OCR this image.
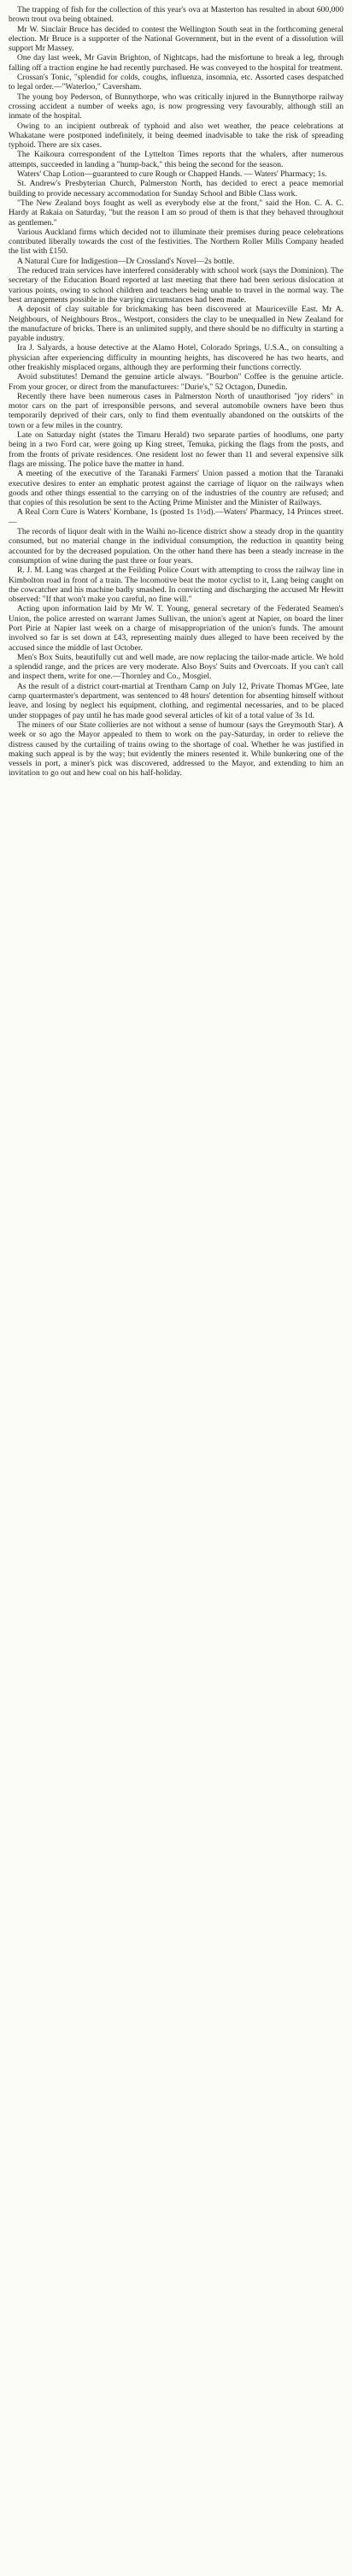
The trapping of fish for the collection of this year's ova at Masterton has resulted in about 600,000 brown trout ova being obtained.

Mr W. Sinclair Bruce has decided to contest the Wellington South seat in the forthcoming general election. Mr Bruce is a supporter of the National Government, but in the event of a dissolution will support Mr Massey.

One day last week, Mr Gavin Brighton, of Nightcaps, had the misfortune to break a leg, through falling off a traction engine he had recently purchased. He was conveyed to the hospital for treatment.

Crossan's Tonic, "splendid for colds, coughs, influenza, insomnia, etc. Assorted cases despatched to legal order.—"Waterloo," Caversham.

The young boy Pederson, of Bunnythorpe, who was critically injured in the Bunnythorpe railway crossing accident a number of weeks ago, is now progressing very favourably, although still an inmate of the hospital.

Owing to an incipient outbreak of typhoid and also wet weather, the peace celebrations at Whakatane were postponed indefinitely, it being deemed inadvisable to take the risk of spreading typhoid. There are six cases.

The Kaikoura correspondent of the Lyttelton Times reports that the whalers, after numerous attempts, succeeded in landing a "hump-back," this being the second for the season.

Waters' Chap Lotion—guaranteed to cure Rough or Chapped Hands. — Waters' Pharmacy; 1s.

St. Andrew's Presbyterian Church, Palmerston North, has decided to erect a peace memorial building to provide necessary accommodation for Sunday School and Bible Class work.

"The New Zealand boys fought as well as everybody else at the front," said the Hon. C. A. C. Hardy at Rakaia on Saturday, "but the reason I am so proud of them is that they behaved throughout as gentlemen."

Various Auckland firms which decided not to illuminate their premises during peace celebrations contributed liberally towards the cost of the festivities. The Northern Roller Mills Company headed the list with £150.

A Natural Cure for Indigestion—Dr Crossland's Novel—2s bottle.

The reduced train services have interfered considerably with school work (says the Dominion). The secretary of the Education Board reported at last meeting that there had been serious dislocation at various points, owing to school children and teachers being unable to travel in the normal way. The best arrangements possible in the varying circumstances had been made.

A deposit of clay suitable for brickmaking has been discovered at Mauriceville East. Mr A. Neighbours, of Neighbours Bros., Westport, considers the clay to be unequalled in New Zealand for the manufacture of bricks. There is an unlimited supply, and there should be no difficulty in starting a payable industry.

Ira J. Salyards, a house detective at the Alamo Hotel, Colorado Springs, U.S.A., on consulting a physician after experiencing difficulty in mounting heights, has discovered he has two hearts, and other freakishly misplaced organs, although they are performing their functions correctly.

Avoid substitutes! Demand the genuine article always. "Bourbon" Coffee is the genuine article. From your grocer, or direct from the manufacturers: "Durie's," 52 Octagon, Dunedin.

Recently there have been numerous cases in Palmerston North of unauthorised "joy riders" in motor cars on the part of irresponsible persons, and several automobile owners have been thus temporarily deprived of their cars, only to find them eventually abandoned on the outskirts of the town or a few miles in the country.

Late on Saturday night (states the Timaru Herald) two separate parties of hoodlums, one party being in a two Ford car, were going up King street, Temuka, picking the flags from the posts, and from the fronts of private residences. One resident lost no fewer than 11 and several expensive silk flags are missing. The police have the matter in hand.

A meeting of the executive of the Taranaki Farmers' Union passed a motion that the Taranaki executive desires to enter an emphatic protest against the carriage of liquor on the railways when goods and other things essential to the carrying on of the industries of the country are refused; and that copies of this resolution be sent to the Acting Prime Minister and the Minister of Railways.

A Real Corn Cure is Waters' Kornbane, 1s (posted 1s 1½d).—Waters' Pharmacy, 14 Princes street.—

The records of liquor dealt with in the Waihi no-licence district show a steady drop in the quantity consumed, but no material change in the individual consumption, the reduction in quantity being accounted for by the decreased population. On the other hand there has been a steady increase in the consumption of wine during the past three or four years.

R. J. M. Lang was charged at the Feilding Police Court with attempting to cross the railway line in Kimbolton road in front of a train. The locomotive beat the motor cyclist to it, Lang being caught on the cowcatcher and his machine badly smashed. In convicting and discharging the accused Mr Hewitt observed: "If that won't make you careful, no fine will."

Acting upon information laid by Mr W. T. Young, general secretary of the Federated Seamen's Union, the police arrested on warrant James Sullivan, the union's agent at Napier, on board the liner Port Pirie at Napier last week on a charge of misappropriation of the union's funds. The amount involved so far is set down at £43, representing mainly dues alleged to have been received by the accused since the middle of last October.

Men's Box Suits, beautifully cut and well made, are now replacing the tailor-made article. We hold a splendid range, and the prices are very moderate. Also Boys' Suits and Overcoats. If you can't call and inspect them, write for one.—Thornley and Co., Mosgiel.

As the result of a district court-martial at Trentham Camp on July 12, Private Thomas M'Gee, late camp quartermaster's department, was sentenced to 48 hours' detention for absenting himself without leave, and losing by neglect his equipment, clothing, and regimental necessaries, and to be placed under stoppages of pay until he has made good several articles of kit of a total value of 3s 1d.

The miners of our State collieries are not without a sense of humour (says the Greymouth Star). A week or so ago the Mayor appealed to them to work on the pay-Saturday, in order to relieve the distress caused by the curtailing of trains owing to the shortage of coal. Whether he was justified in making such appeal is by the way; but evidently the miners resented it. While bunkering one of the vessels in port, a miner's pick was discovered, addressed to the Mayor, and extending to him an invitation to go out and hew coal on his half-holiday.
